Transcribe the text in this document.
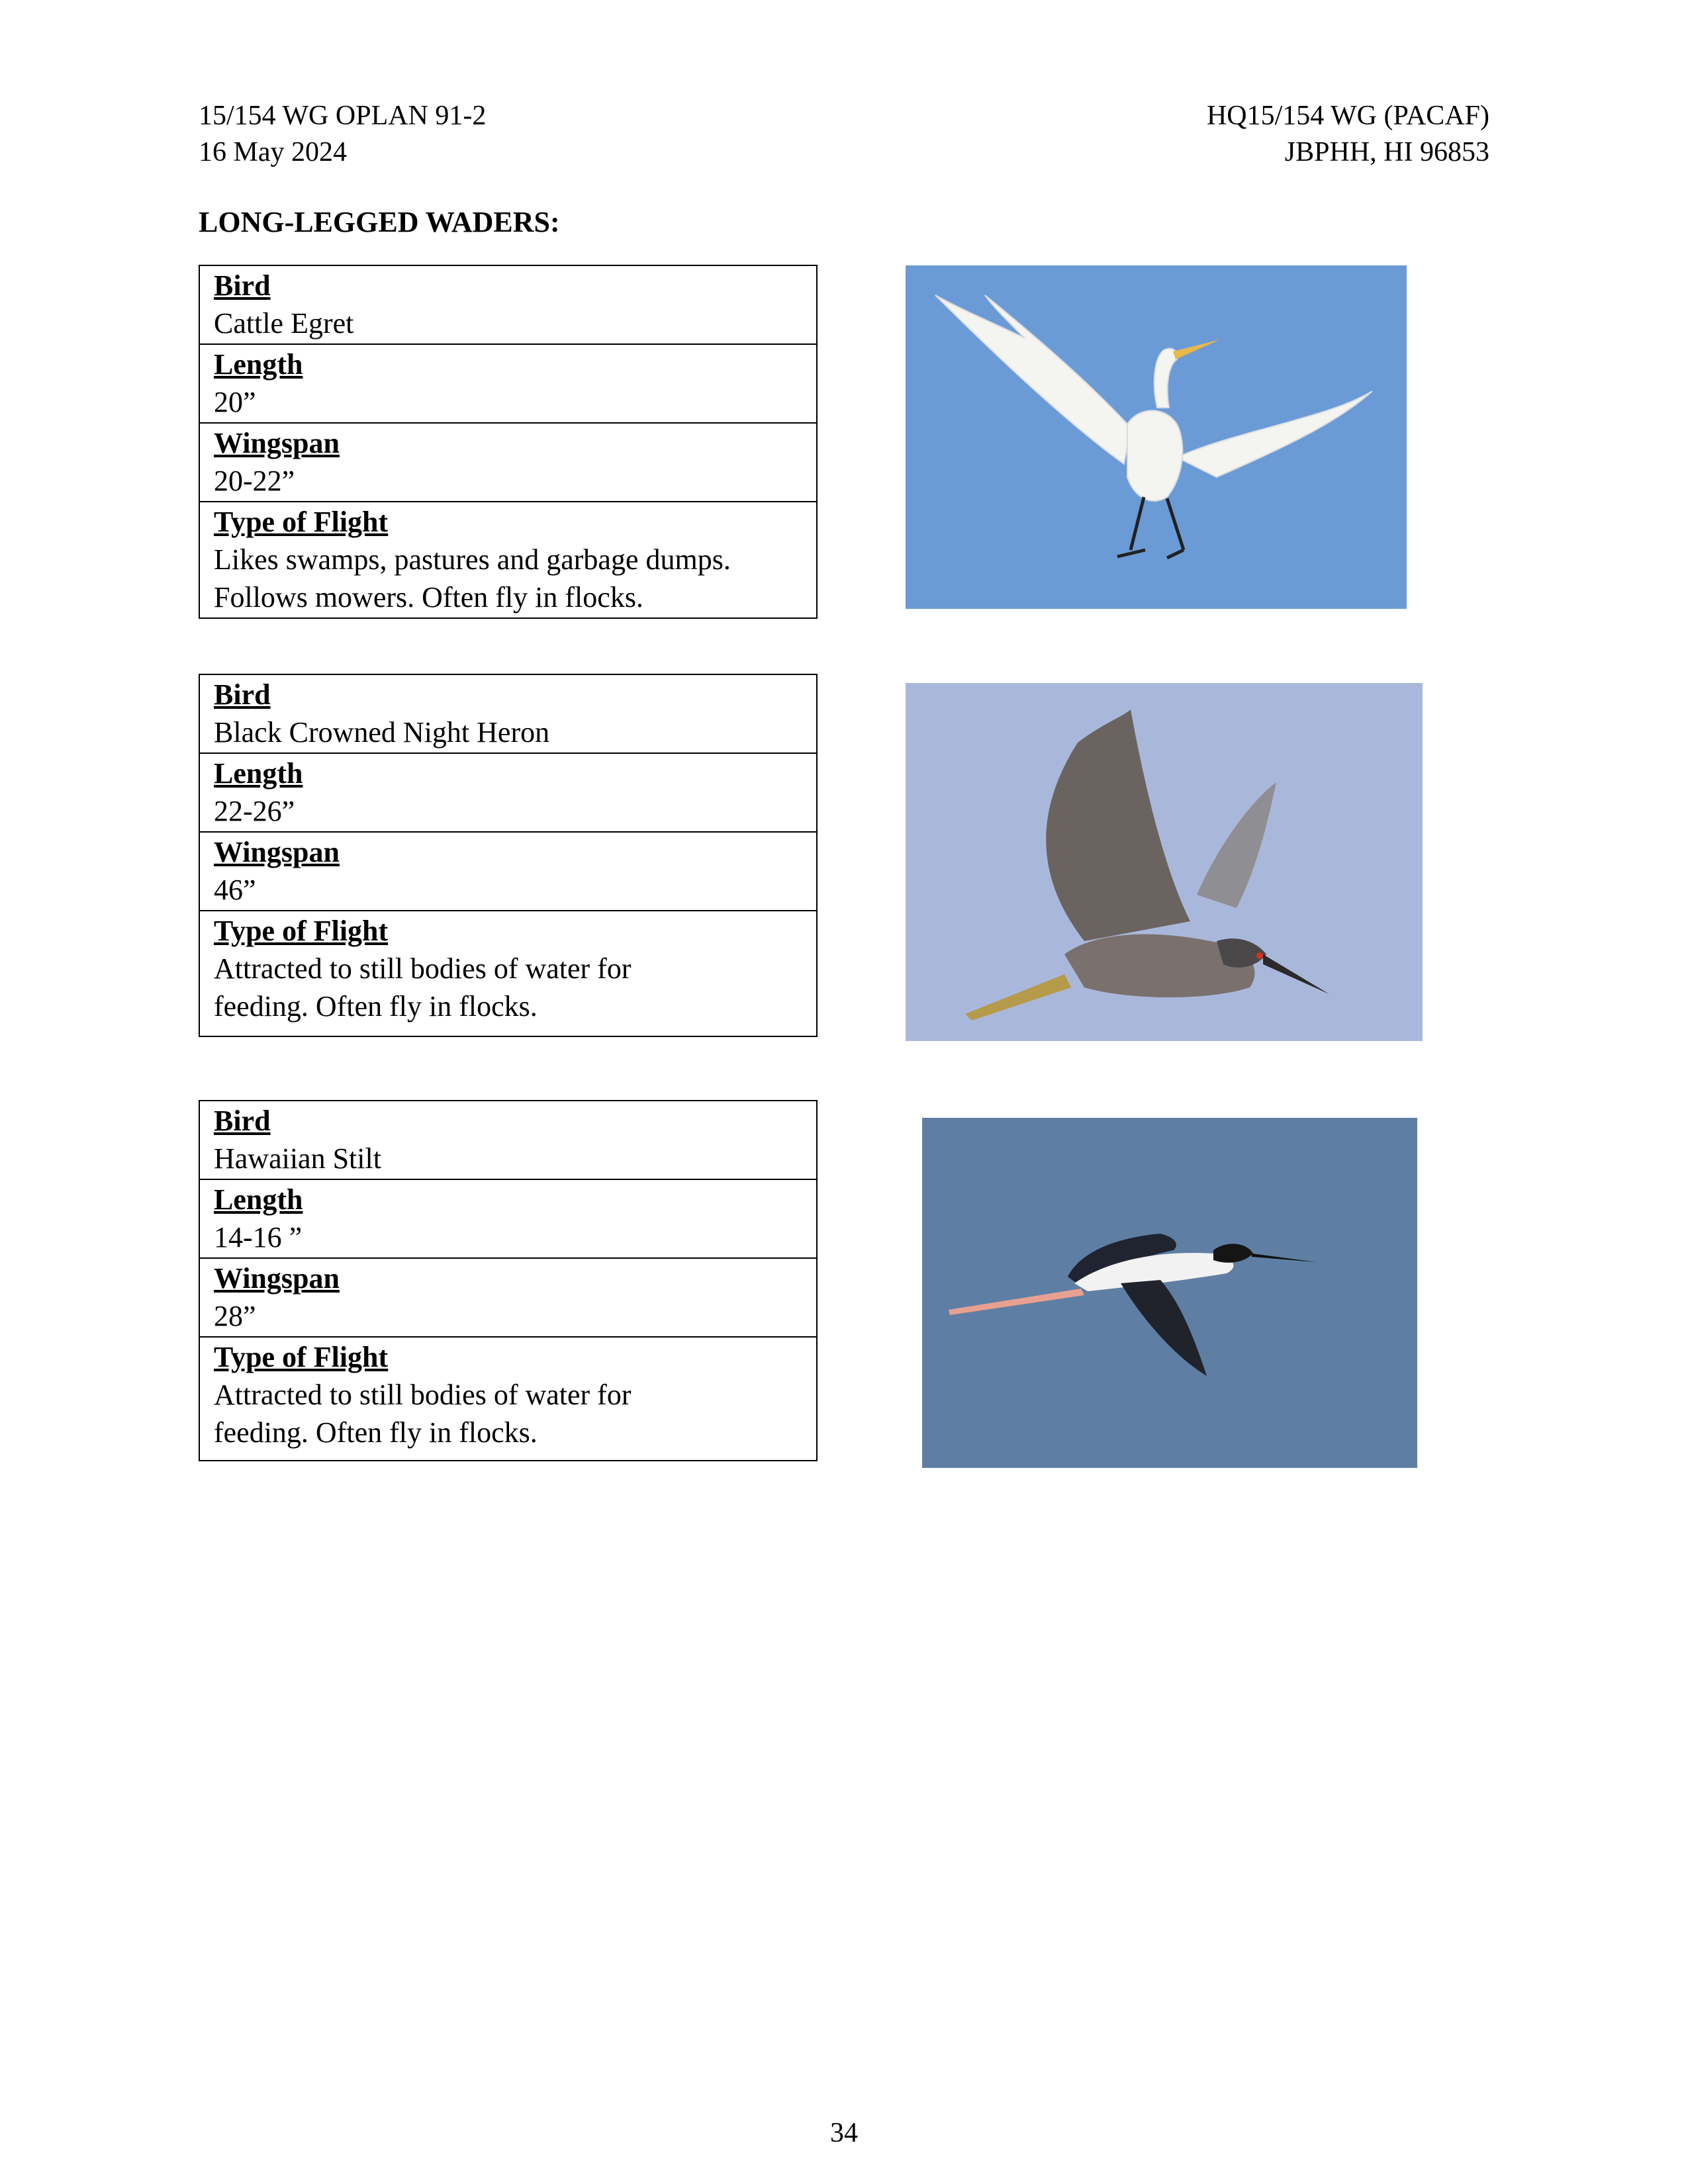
15/154 WG OPLAN 91-2
16 May 2024
HQ15/154 WG (PACAF)
JBPHH, HI 96853
LONG-LEGGED WADERS:
Bird
Cattle Egret

Length
20”

Wingspan
20-22”

Type of Flight
Likes swamps, pastures and garbage dumps.
Follows mowers. Often fly in flocks.
Bird
Black Crowned Night Heron

Length
22-26”

Wingspan
46”

Type of Flight
Attracted to still bodies of water for
feeding. Often fly in flocks.
Bird
Hawaiian Stilt

Length
14-16 ”

Wingspan
28”

Type of Flight
Attracted to still bodies of water for
feeding. Often fly in flocks.
34
